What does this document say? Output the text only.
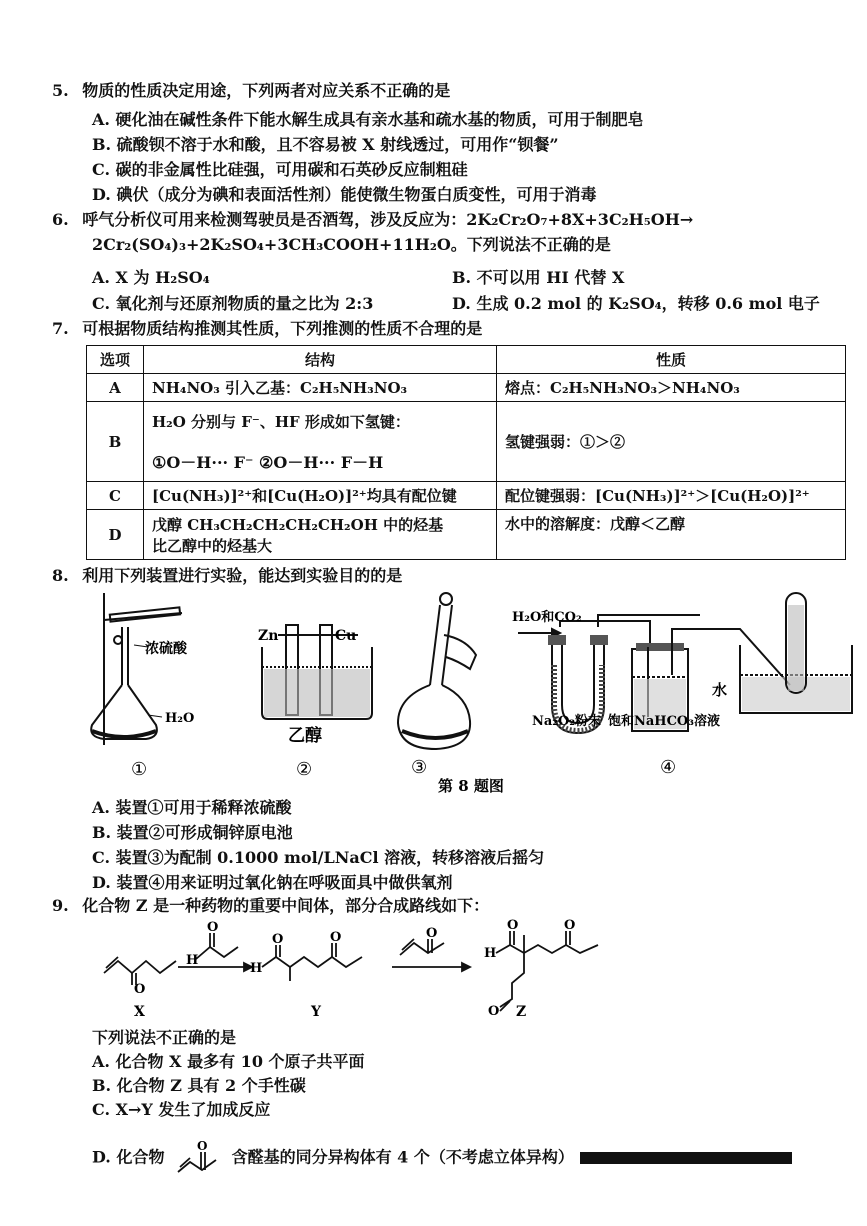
5. 物质的性质决定用途，下列两者对应关系不正确的是
A. 硬化油在碱性条件下能水解生成具有亲水基和疏水基的物质，可用于制肥皂
B. 硫酸钡不溶于水和酸，且不容易被 X 射线透过，可用作“钡餐”
C. 碳的非金属性比硅强，可用碳和石英砂反应制粗硅
D. 碘伏（成分为碘和表面活性剂）能使微生物蛋白质变性，可用于消毒
6. 呼气分析仪可用来检测驾驶员是否酒驾，涉及反应为：2K₂Cr₂O₇+8X+3C₂H₅OH→
2Cr₂(SO₄)₃+2K₂SO₄+3CH₃COOH+11H₂O。下列说法不正确的是
A. X 为 H₂SO₄	B. 不可以用 HI 代替 X
C. 氧化剂与还原剂物质的量之比为 2:3	D. 生成 0.2 mol 的 K₂SO₄，转移 0.6 mol 电子
7. 可根据物质结构推测其性质，下列推测的性质不合理的是
选项	结构	性质
A	NH₄NO₃ 引入乙基：C₂H₅NH₃NO₃	熔点：C₂H₅NH₃NO₃＞NH₄NO₃
B	H₂O 分别与 F⁻、HF 形成如下氢键：
①O－H··· F⁻ ②O－H··· F－H	氢键强弱：①＞②
C	[Cu(NH₃)]²⁺和[Cu(H₂O)]²⁺均具有配位键	配位键强弱：[Cu(NH₃)]²⁺＞[Cu(H₂O)]²⁺
D	戊醇 CH₃CH₂CH₂CH₂CH₂OH 中的烃基
比乙醇中的烃基大	水中的溶解度：戊醇＜乙醇
8. 利用下列装置进行实验，能达到实验目的的是
浓硫酸
H₂O
Zn	Cu
乙醇
H₂O和CO₂
水
Na₂O₂粉末 饱和NaHCO₃溶液
①	②	③	④
第 8 题图
A. 装置①可用于稀释浓硫酸
B. 装置②可形成铜锌原电池
C. 装置③为配制 0.1000 mol/LNaCl 溶液，转移溶液后摇匀
D. 装置④用来证明过氧化钠在呼吸面具中做供氧剂
9. 化合物 Z 是一种药物的重要中间体，部分合成路线如下：
O
H
O
H
O	O	O
H
O	O
O
X	Y	Z
下列说法不正确的是
A. 化合物 X 最多有 10 个原子共平面
B. 化合物 Z 具有 2 个手性碳
C. X→Y 发生了加成反应
D. 化合物
O
含醛基的同分异构体有 4 个（不考虑立体异构）
